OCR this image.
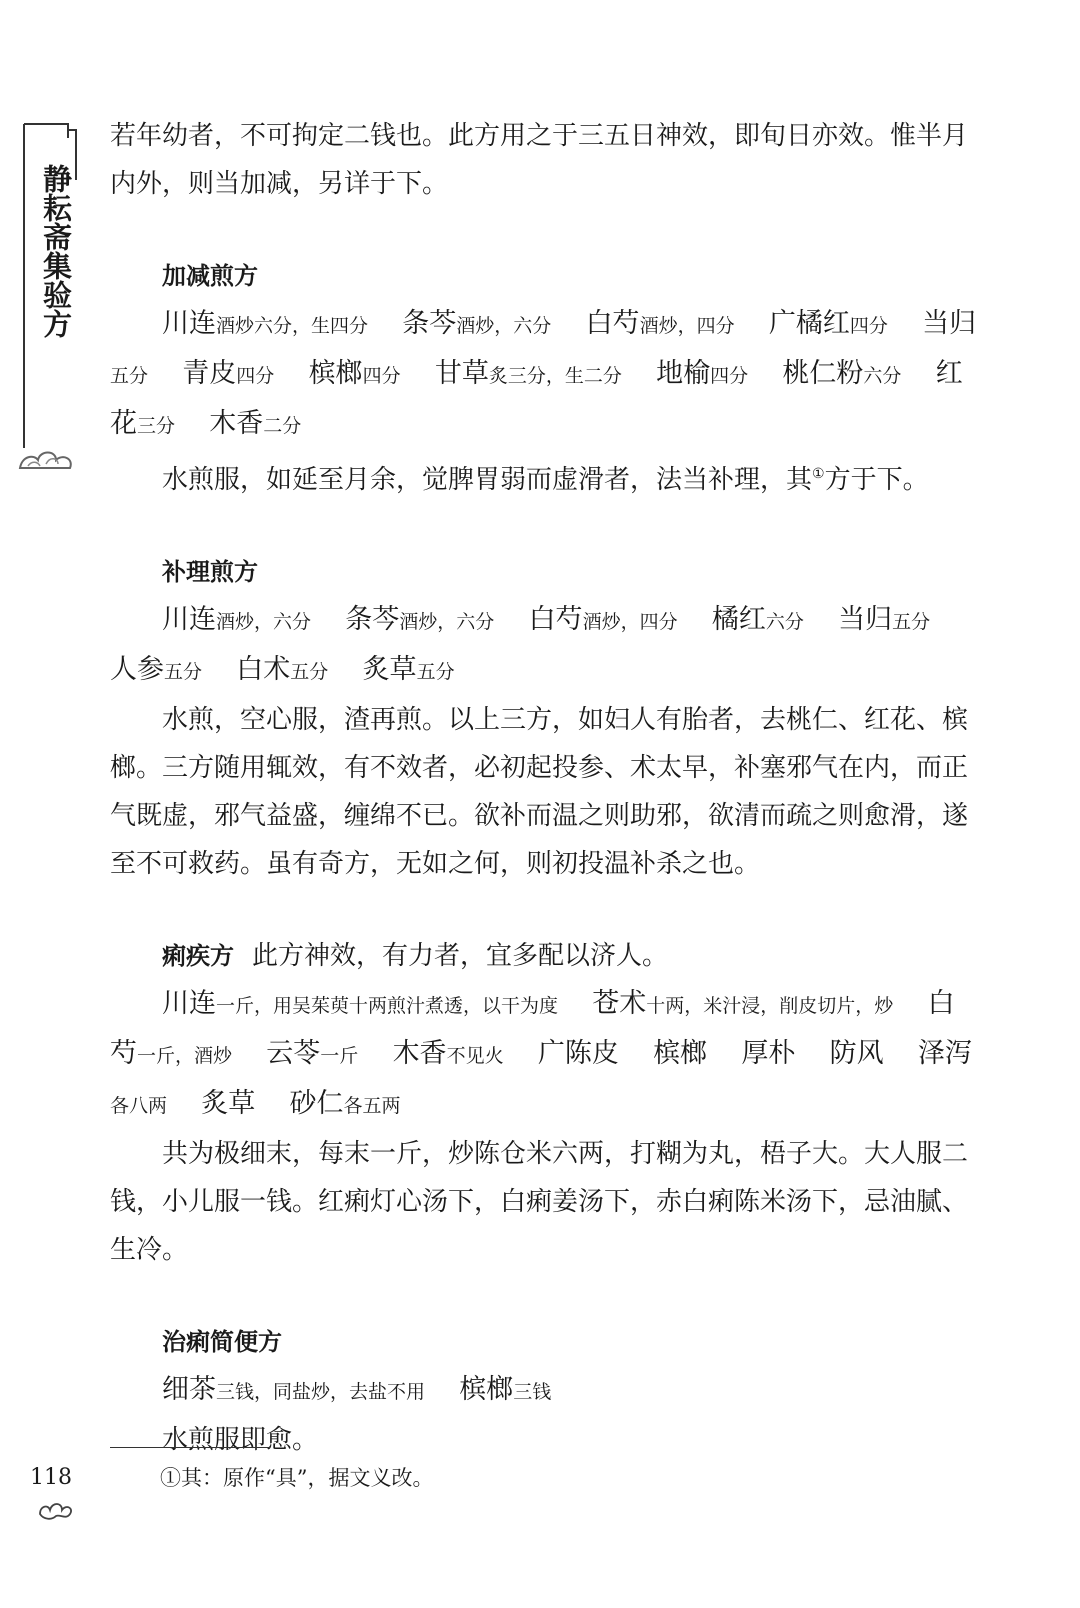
静耘斋集验方

若年幼者，不可拘定二钱也。此方用之于三五日神效，即旬日亦效。惟半月内外，则当加减，另详于下。

加减煎方

川连酒炒六分，生四分 条芩酒炒，六分 白芍酒炒，四分 广橘红四分 当归五分 青皮四分 槟榔四分 甘草炙三分，生二分 地榆四分 桃仁粉六分 红花三分 木香二分

水煎服，如延至月余，觉脾胃弱而虚滑者，法当补理，其①方于下。

补理煎方

川连酒炒，六分 条芩酒炒，六分 白芍酒炒，四分 橘红六分 当归五分 人参五分 白术五分 炙草五分

水煎，空心服，渣再煎。以上三方，如妇人有胎者，去桃仁、红花、槟榔。三方随用辄效，有不效者，必初起投参、术太早，补塞邪气在内，而正气既虚，邪气益盛，缠绵不已。欲补而温之则助邪，欲清而疏之则愈滑，遂至不可救药。虽有奇方，无如之何，则初投温补杀之也。

痢疾方 此方神效，有力者，宜多配以济人。

川连一斤，用吴茱萸十两煎汁煮透，以干为度 苍术十两，米汁浸，削皮切片，炒 白芍一斤，酒炒 云苓一斤 木香不见火 广陈皮 槟榔 厚朴 防风 泽泻各八两 炙草 砂仁各五两

共为极细末，每末一斤，炒陈仓米六两，打糊为丸，梧子大。大人服二钱，小儿服一钱。红痢灯心汤下，白痢姜汤下，赤白痢陈米汤下，忌油腻、生冷。

治痢简便方

细茶三钱，同盐炒，去盐不用 槟榔三钱

水煎服即愈。

118	①其：原作“具”，据文义改。
